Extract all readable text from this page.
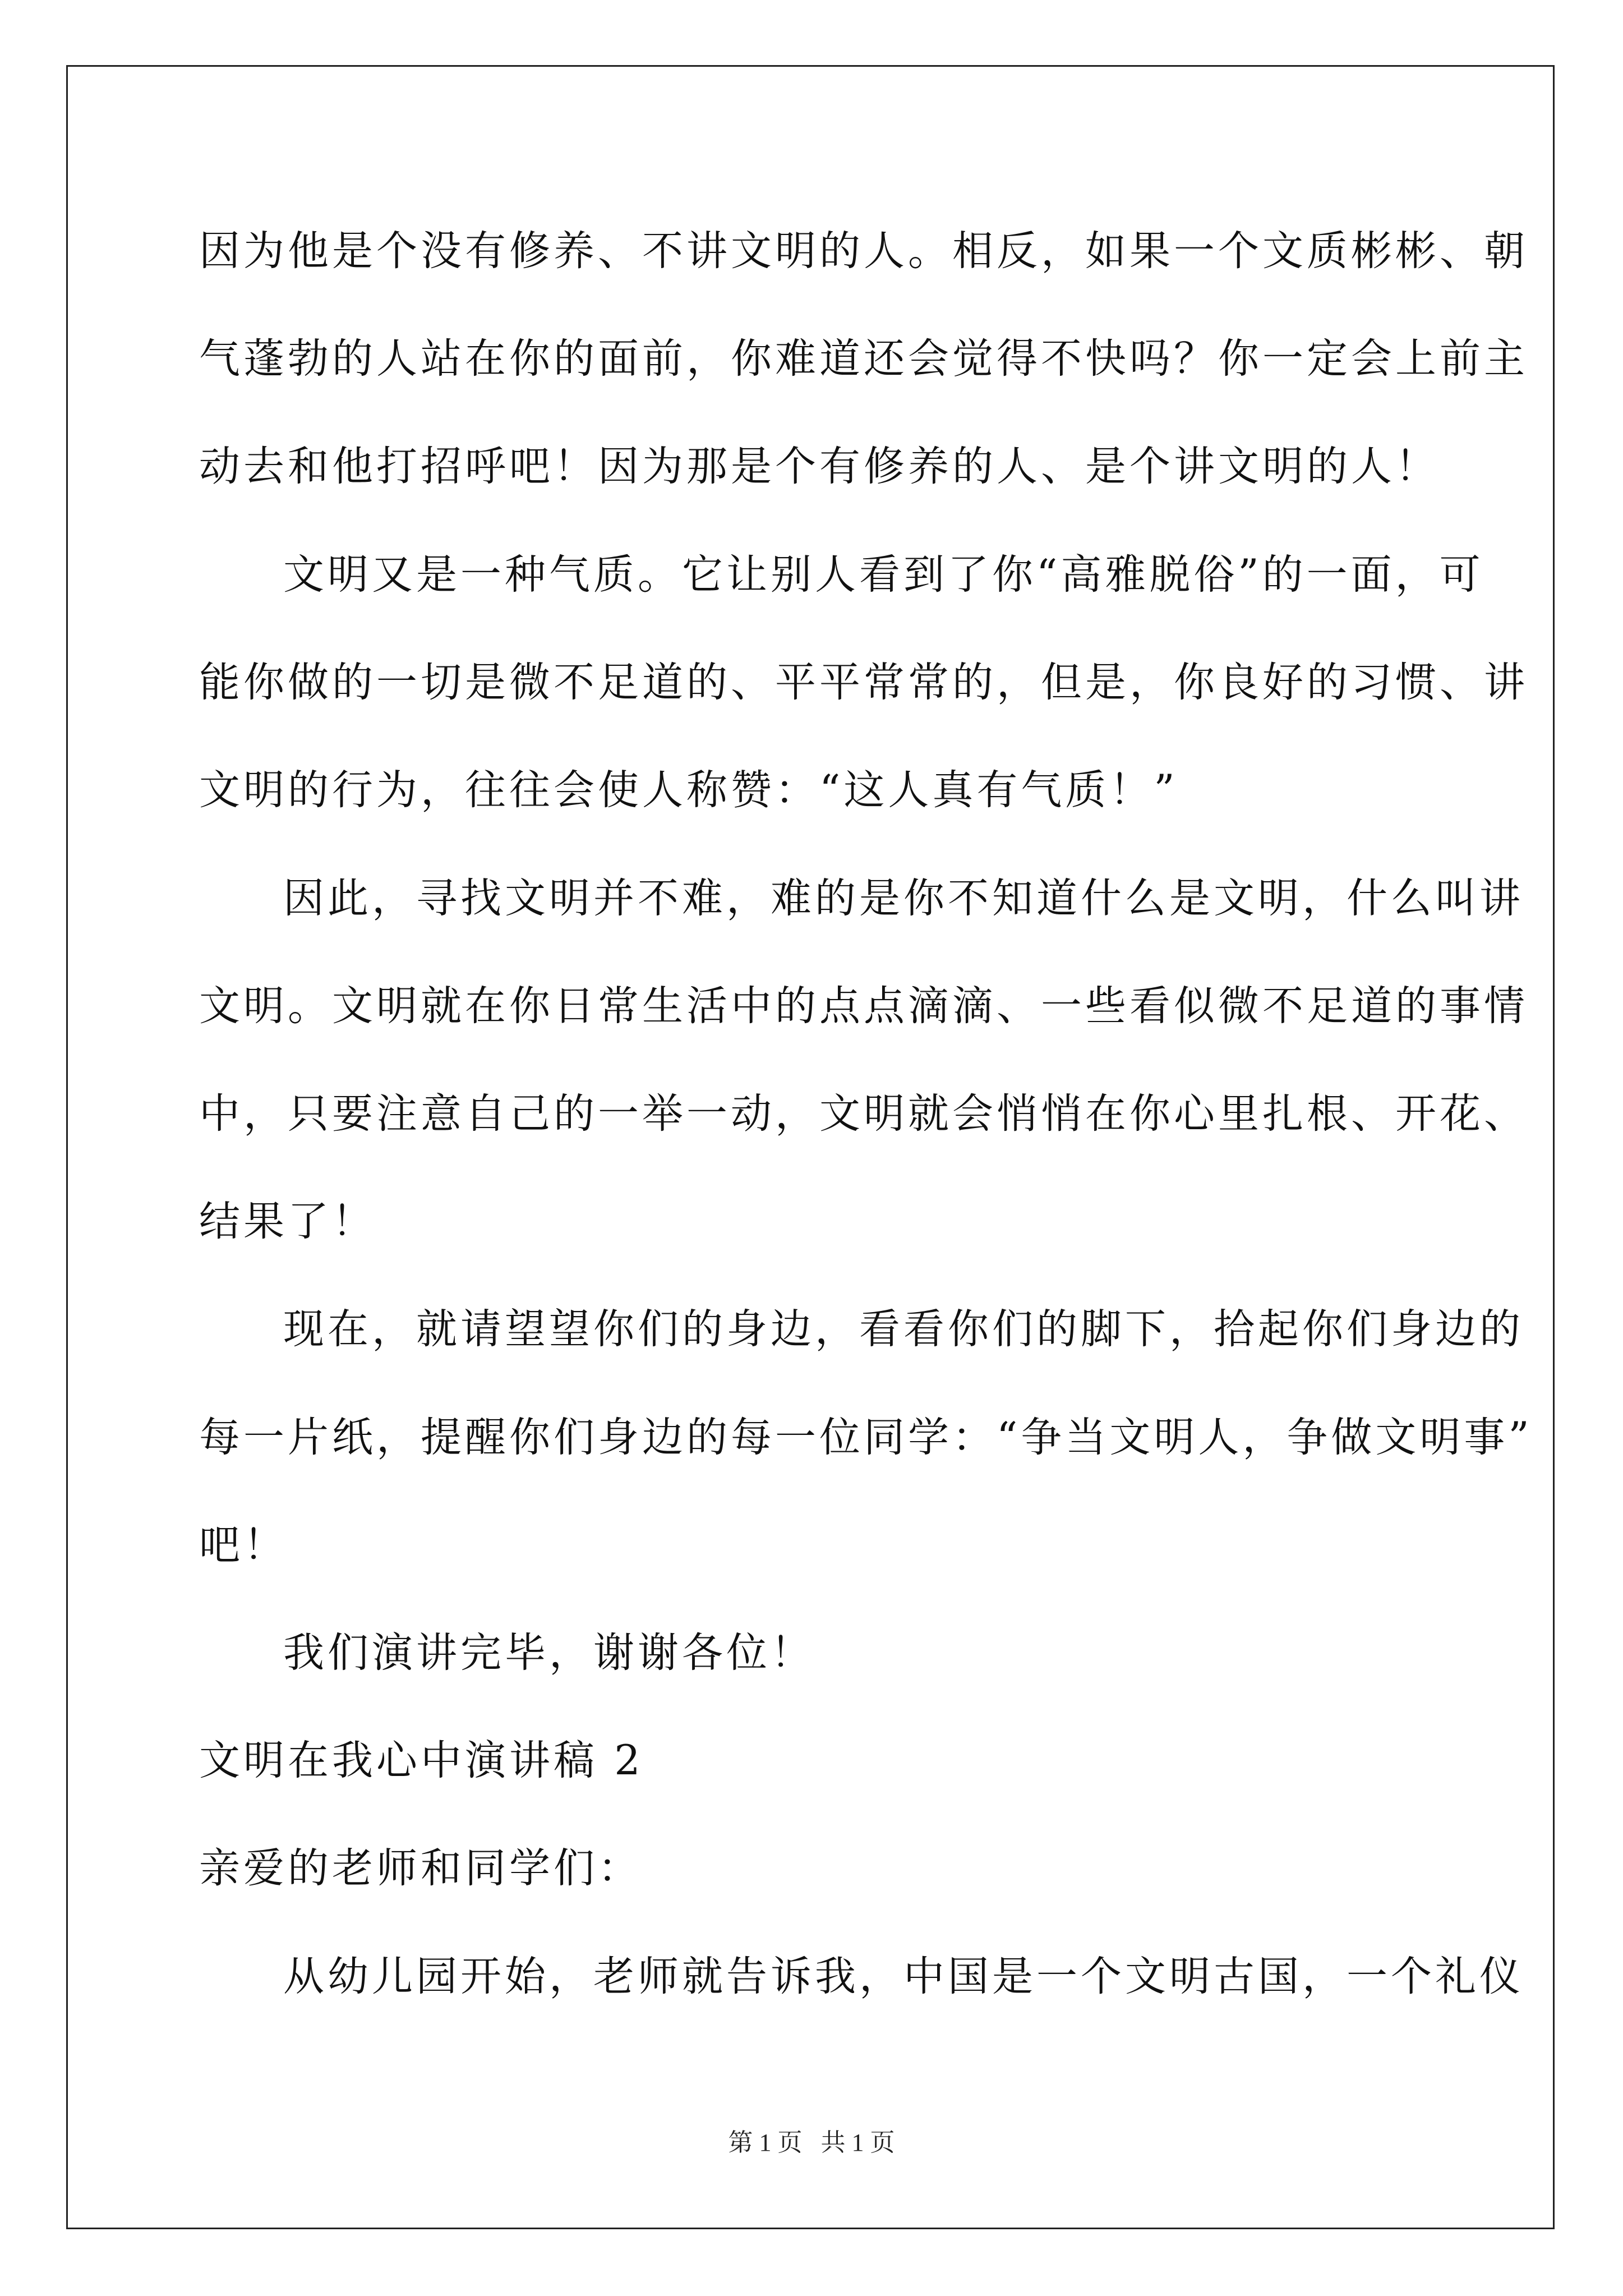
因为他是个没有修养、不讲文明的人。相反，如果一个文质彬彬、朝
气蓬勃的人站在你的面前，你难道还会觉得不快吗？你一定会上前主
动去和他打招呼吧！因为那是个有修养的人、是个讲文明的人！
文明又是一种气质。它让别人看到了你“高雅脱俗”的一面，可
能你做的一切是微不足道的、平平常常的，但是，你良好的习惯、讲
文明的行为，往往会使人称赞：“这人真有气质！”
因此，寻找文明并不难，难的是你不知道什么是文明，什么叫讲
文明。文明就在你日常生活中的点点滴滴、一些看似微不足道的事情
中，只要注意自己的一举一动，文明就会悄悄在你心里扎根、开花、
结果了！
现在，就请望望你们的身边，看看你们的脚下，拾起你们身边的
每一片纸，提醒你们身边的每一位同学：“争当文明人，争做文明事”
吧！
我们演讲完毕，谢谢各位！
文明在我心中演讲稿 2
亲爱的老师和同学们：
从幼儿园开始，老师就告诉我，中国是一个文明古国，一个礼仪
第 1 页   共 1 页
